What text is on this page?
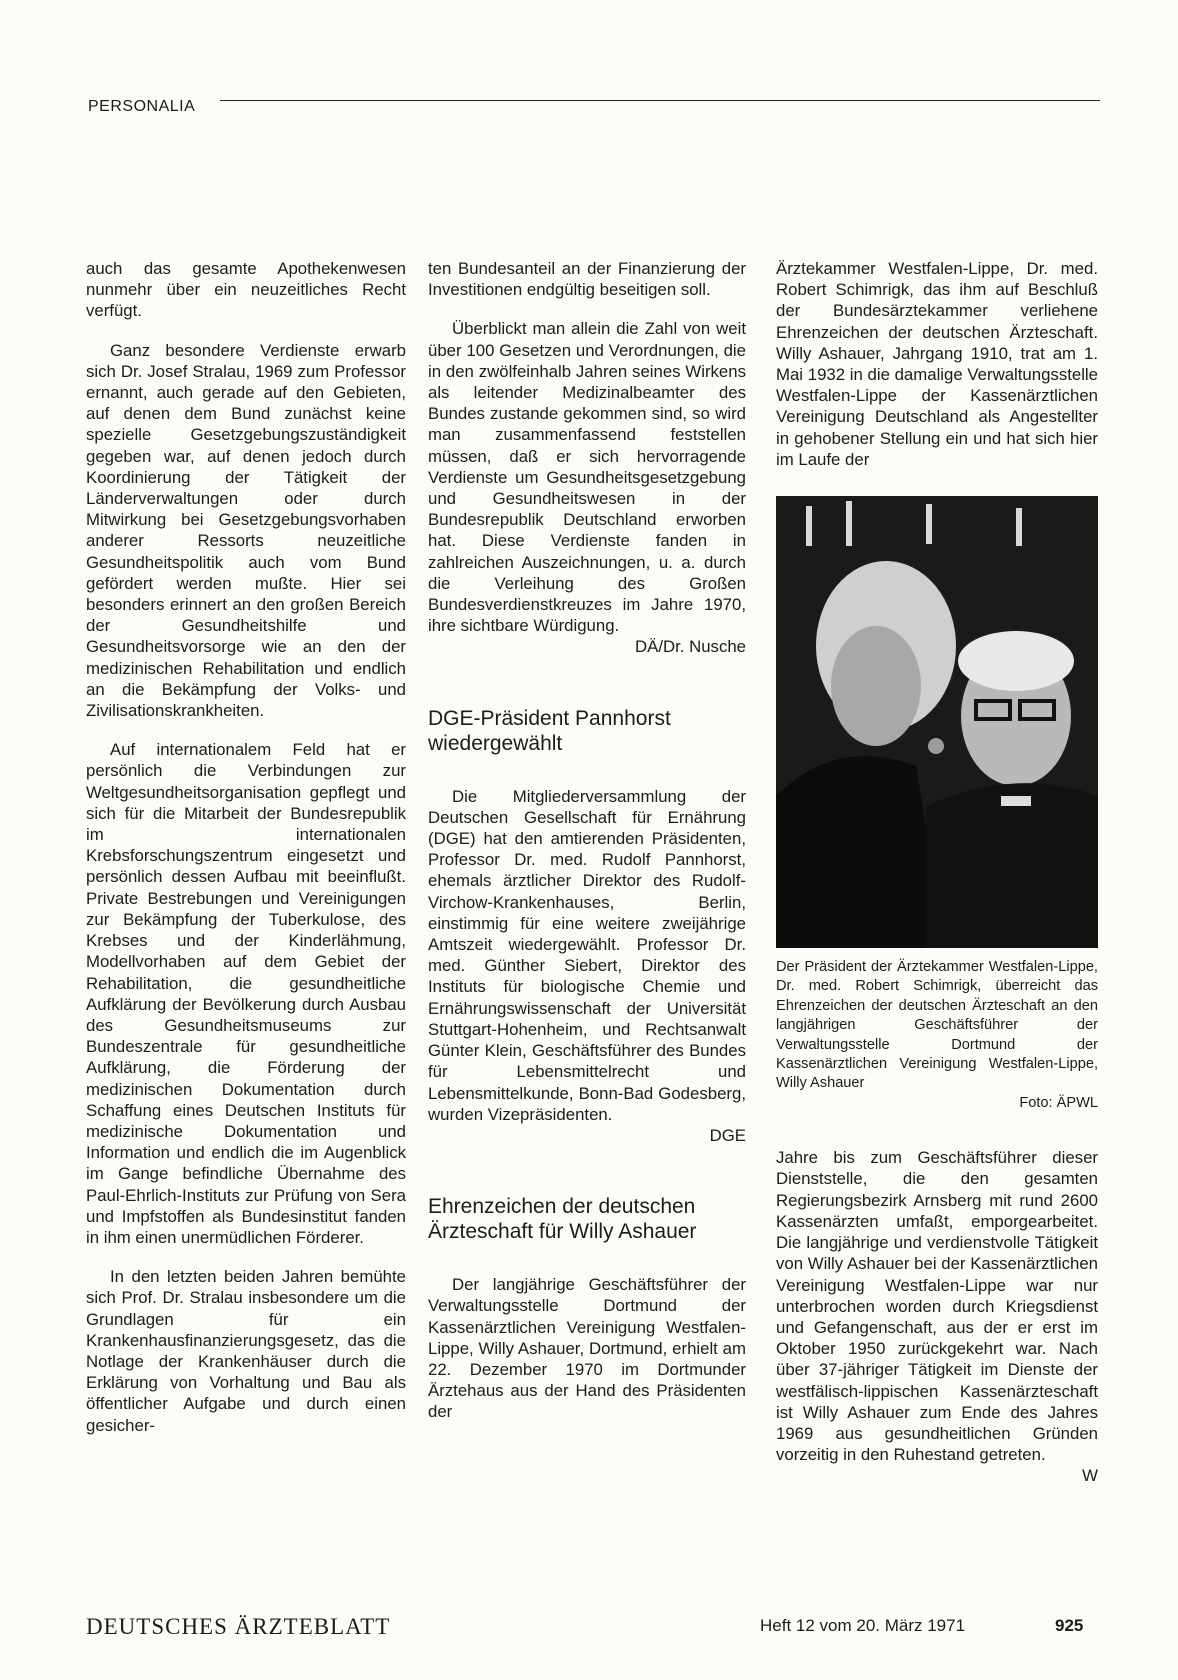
PERSONALIA

auch das gesamte Apothekenwesen nunmehr über ein neuzeitliches Recht verfügt.

Ganz besondere Verdienste erwarb sich Dr. Josef Stralau, 1969 zum Professor ernannt, auch gerade auf den Gebieten, auf denen dem Bund zunächst keine spezielle Gesetzgebungszuständigkeit gegeben war, auf denen jedoch durch Koordinierung der Tätigkeit der Länderverwaltungen oder durch Mitwirkung bei Gesetzgebungsvorhaben anderer Ressorts neuzeitliche Gesundheitspolitik auch vom Bund gefördert werden mußte. Hier sei besonders erinnert an den großen Bereich der Gesundheitshilfe und Gesundheitsvorsorge wie an den der medizinischen Rehabilitation und endlich an die Bekämpfung der Volks- und Zivilisationskrankheiten.

Auf internationalem Feld hat er persönlich die Verbindungen zur Weltgesundheitsorganisation gepflegt und sich für die Mitarbeit der Bundesrepublik im internationalen Krebsforschungszentrum eingesetzt und persönlich dessen Aufbau mit beeinflußt. Private Bestrebungen und Vereinigungen zur Bekämpfung der Tuberkulose, des Krebses und der Kinderlähmung, Modellvorhaben auf dem Gebiet der Rehabilitation, die gesundheitliche Aufklärung der Bevölkerung durch Ausbau des Gesundheitsmuseums zur Bundeszentrale für gesundheitliche Aufklärung, die Förderung der medizinischen Dokumentation durch Schaffung eines Deutschen Instituts für medizinische Dokumentation und Information und endlich die im Augenblick im Gange befindliche Übernahme des Paul-Ehrlich-Instituts zur Prüfung von Sera und Impfstoffen als Bundesinstitut fanden in ihm einen unermüdlichen Förderer.

In den letzten beiden Jahren bemühte sich Prof. Dr. Stralau insbesondere um die Grundlagen für ein Krankenhausfinanzierungsgesetz, das die Notlage der Krankenhäuser durch die Erklärung von Vorhaltung und Bau als öffentlicher Aufgabe und durch einen gesicher-

ten Bundesanteil an der Finanzierung der Investitionen endgültig beseitigen soll.

Überblickt man allein die Zahl von weit über 100 Gesetzen und Verordnungen, die in den zwölfeinhalb Jahren seines Wirkens als leitender Medizinalbeamter des Bundes zustande gekommen sind, so wird man zusammenfassend feststellen müssen, daß er sich hervorragende Verdienste um Gesundheitsgesetzgebung und Gesundheitswesen in der Bundesrepublik Deutschland erworben hat. Diese Verdienste fanden in zahlreichen Auszeichnungen, u. a. durch die Verleihung des Großen Bundesverdienstkreuzes im Jahre 1970, ihre sichtbare Würdigung.

DÄ/Dr. Nusche
DGE-Präsident Pannhorst wiedergewählt

Die Mitgliederversammlung der Deutschen Gesellschaft für Ernährung (DGE) hat den amtierenden Präsidenten, Professor Dr. med. Rudolf Pannhorst, ehemals ärztlicher Direktor des Rudolf-Virchow-Krankenhauses, Berlin, einstimmig für eine weitere zweijährige Amtszeit wiedergewählt. Professor Dr. med. Günther Siebert, Direktor des Instituts für biologische Chemie und Ernährungswissenschaft der Universität Stuttgart-Hohenheim, und Rechtsanwalt Günter Klein, Geschäftsführer des Bundes für Lebensmittelrecht und Lebensmittelkunde, Bonn-Bad Godesberg, wurden Vizepräsidenten.

DGE
Ehrenzeichen der deutschen Ärzteschaft für Willy Ashauer

Der langjährige Geschäftsführer der Verwaltungsstelle Dortmund der Kassenärztlichen Vereinigung Westfalen-Lippe, Willy Ashauer, Dortmund, erhielt am 22. Dezember 1970 im Dortmunder Ärztehaus aus der Hand des Präsidenten der

Ärztekammer Westfalen-Lippe, Dr. med. Robert Schimrigk, das ihm auf Beschluß der Bundesärztekammer verliehene Ehrenzeichen der deutschen Ärzteschaft. Willy Ashauer, Jahrgang 1910, trat am 1. Mai 1932 in die damalige Verwaltungsstelle Westfalen-Lippe der Kassenärztlichen Vereinigung Deutschland als Angestellter in gehobener Stellung ein und hat sich hier im Laufe der

Der Präsident der Ärztekammer Westfalen-Lippe, Dr. med. Robert Schimrigk, überreicht das Ehrenzeichen der deutschen Ärzteschaft an den langjährigen Geschäftsführer der Verwaltungsstelle Dortmund der Kassenärztlichen Vereinigung Westfalen-Lippe, Willy Ashauer
Foto: ÄPWL

Jahre bis zum Geschäftsführer dieser Dienststelle, die den gesamten Regierungsbezirk Arnsberg mit rund 2600 Kassenärzten umfaßt, emporgearbeitet. Die langjährige und verdienstvolle Tätigkeit von Willy Ashauer bei der Kassenärztlichen Vereinigung Westfalen-Lippe war nur unterbrochen worden durch Kriegsdienst und Gefangenschaft, aus der er erst im Oktober 1950 zurückgekehrt war. Nach über 37-jähriger Tätigkeit im Dienste der westfälisch-lippischen Kassenärzteschaft ist Willy Ashauer zum Ende des Jahres 1969 aus gesundheitlichen Gründen vorzeitig in den Ruhestand getreten.

W
DEUTSCHES ÄRZTEBLATT	Heft 12 vom 20. März 1971	925
